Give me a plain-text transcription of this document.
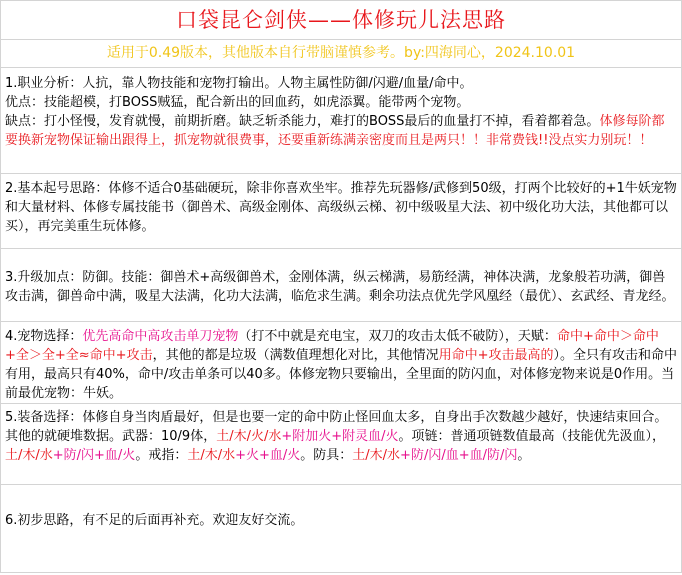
口袋昆仑剑侠——体修玩儿法思路
适用于0.49版本，其他版本自行带脑谨慎参考。by:四海同心，2024.10.01
1.职业分析：人抗，靠人物技能和宠物打输出。人物主属性防御/闪避/血量/命中。
优点：技能超模，打BOSS贼猛，配合新出的回血药，如虎添翼。能带两个宠物。
缺点：打小怪慢，发育就慢，前期折磨。缺乏斩杀能力，难打的BOSS最后的血量打不掉，看着都着急。体修每阶都要换新宠物保证输出跟得上，抓宠物就很费事，还要重新练满亲密度而且是两只！！非常费钱!!没点实力别玩！！
2.基本起号思路：体修不适合0基础硬玩，除非你喜欢坐牢。推荐先玩器修/武修到50级，打两个比较好的+1牛妖宠物和大量材料、体修专属技能书（御兽术、高级金刚体、高级纵云梯、初中级吸星大法、初中级化功大法，其他都可以买），再完美重生玩体修。
3.升级加点：防御。技能：御兽术+高级御兽术，金刚体满，纵云梯满，易筋经满，神体决满，龙象般若功满，御兽攻击满，御兽命中满，吸星大法满，化功大法满，临危求生满。剩余功法点优先学风凰经（最优）、玄武经、青龙经。
4.宠物选择：优先高命中高攻击单刀宠物（打不中就是充电宝，双刀的攻击太低不破防），天赋：命中+命中＞命中+全＞全+全≈命中+攻击，其他的都是垃圾（满数值理想化对比，其他情况用命中+攻击最高的）。全只有攻击和命中有用，最高只有40%，命中/攻击单条可以40多。体修宠物只要输出，全里面的防闪血，对体修宠物来说是0作用。当前最优宠物：牛妖。
5.装备选择：体修自身当肉盾最好，但是也要一定的命中防止怪回血太多，自身出手次数越少越好，快速结束回合。其他的就硬堆数据。武器：10/9体，土/木/火/水+附加火+附灵血/火。项链：普通项链数值最高（技能优先汲血），土/木/水+防/闪+血/火。戒指：土/木/水+火+血/火。防具：土/木/水+防/闪/血+血/防/闪。
6.初步思路，有不足的后面再补充。欢迎友好交流。
